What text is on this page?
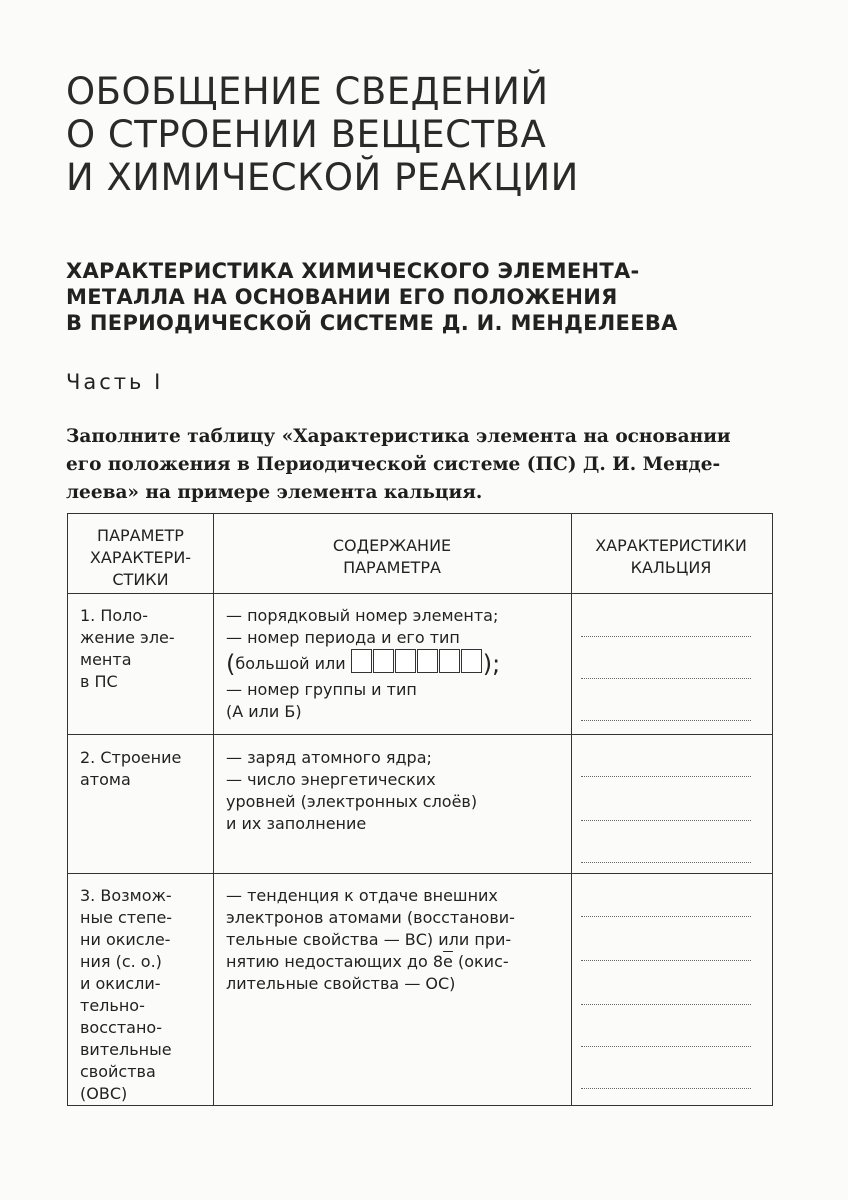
ОБОБЩЕНИЕ СВЕДЕНИЙ
О СТРОЕНИИ ВЕЩЕСТВА
И ХИМИЧЕСКОЙ РЕАКЦИИ
ХАРАКТЕРИСТИКА ХИМИЧЕСКОГО ЭЛЕМЕНТА-
МЕТАЛЛА НА ОСНОВАНИИ ЕГО ПОЛОЖЕНИЯ
В ПЕРИОДИЧЕСКОЙ СИСТЕМЕ Д. И. МЕНДЕЛЕЕВА
Часть I
Заполните таблицу «Характеристика элемента на основании
его положения в Периодической системе (ПС) Д. И. Менде-
леева» на примере элемента кальция.
ПАРАМЕТР
ХАРАКТЕРИ-
СТИКИ
СОДЕРЖАНИЕ
ПАРАМЕТРА
ХАРАКТЕРИСТИКИ
КАЛЬЦИЯ
1. Поло-
жение эле-
мента
в ПС
— порядковый номер элемента;
— номер периода и его тип
(большой или	);
— номер группы и тип
(А или Б)
2. Строение
атома
— заряд атомного ядра;
— число энергетических
уровней (электронных слоёв)
и их заполнение
3. Возмож-
ные степе-
ни окисле-
ния (с. о.)
и окисли-
тельно-
восстано-
вительные
свойства
(ОВС)
— тенденция к отдаче внешних
электронов атомами (восстанови-
тельные свойства — ВС) или при-
нятию недостающих до 8е (окис-
лительные свойства — ОС)
